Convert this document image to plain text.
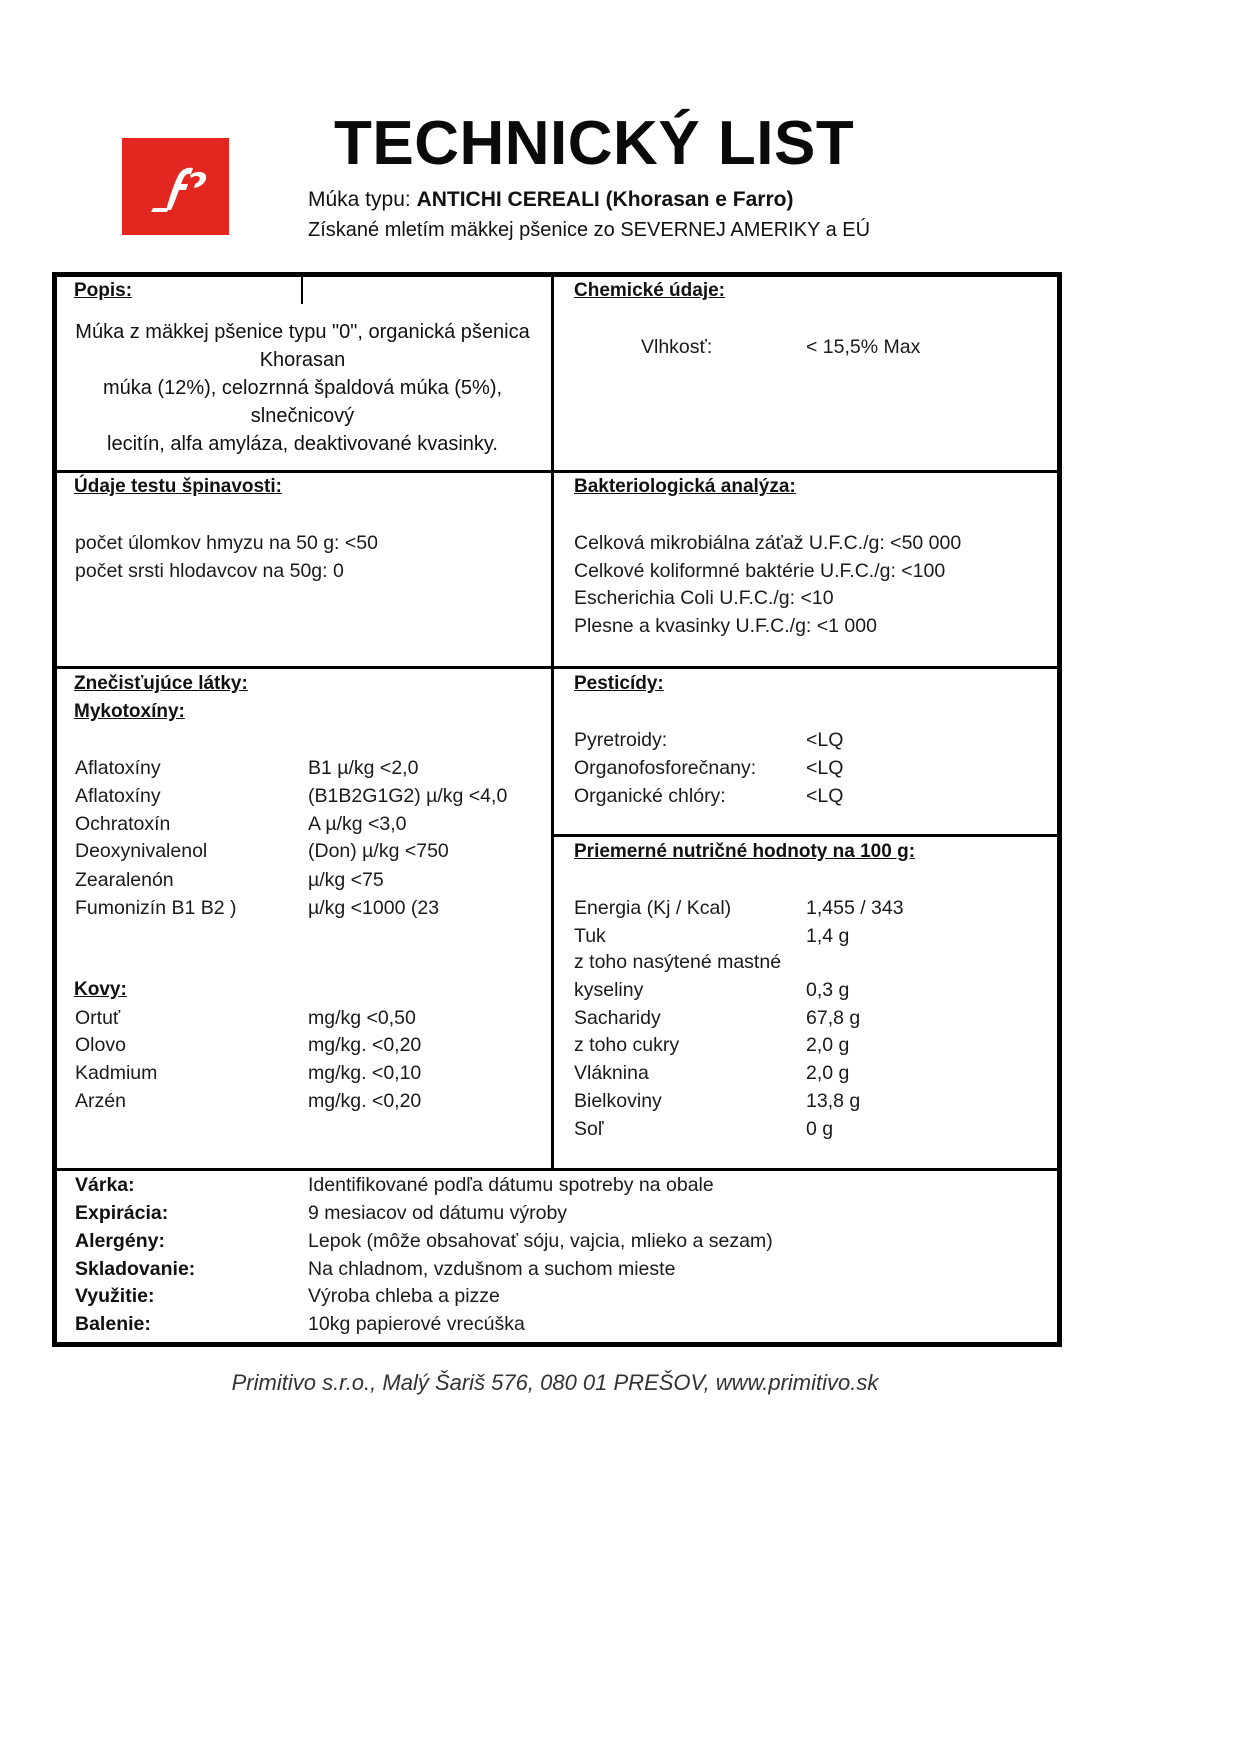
TECHNICKÝ LIST
Múka typu: ANTICHI CEREALI (Khorasan e Farro)
Získané mletím mäkkej pšenice zo SEVERNEJ AMERIKY a EÚ
Popis:
Múka z mäkkej pšenice typu "0", organická pšenica
Khorasan
múka (12%), celozrnná špaldová múka (5%),
slnečnicový
lecitín, alfa amyláza, deaktivované kvasinky.
Chemické údaje:
Vlhkosť:	< 15,5% Max
Údaje testu špinavosti:
počet úlomkov hmyzu na 50 g: <50
počet srsti hlodavcov na 50g: 0
Bakteriologická analýza:
Celková mikrobiálna záťaž U.F.C./g: <50 000
Celkové koliformné baktérie U.F.C./g: <100
Escherichia Coli U.F.C./g: <10
Plesne a kvasinky U.F.C./g: <1 000
Znečisťujúce látky:
Mykotoxíny:
Aflatoxíny	B1 µ/kg <2,0
Aflatoxíny	(B1B2G1G2) µ/kg <4,0
Ochratoxín	A µ/kg <3,0
Deoxynivalenol	(Don) µ/kg <750
Zearalenón	µ/kg <75
Fumonizín B1 B2 )	µ/kg <1000 (23
Kovy:
Ortuť	mg/kg <0,50
Olovo	mg/kg. <0,20
Kadmium	mg/kg. <0,10
Arzén	mg/kg. <0,20
Pesticídy:
Pyretroidy:	<LQ
Organofosforečnany:	<LQ
Organické chlóry:	<LQ
Priemerné nutričné hodnoty na 100 g:
Energia (Kj / Kcal)	1,455 / 343
Tuk	1,4 g
z toho nasýtené mastné
kyseliny	0,3 g
Sacharidy	67,8 g
z toho cukry	2,0 g
Vláknina	2,0 g
Bielkoviny	13,8 g
Soľ	0 g
Várka:	Identifikované podľa dátumu spotreby na obale
Expirácia:	9 mesiacov od dátumu výroby
Alergény:	Lepok (môže obsahovať sóju, vajcia, mlieko a sezam)
Skladovanie:	Na chladnom, vzdušnom a suchom mieste
Využitie:	Výroba chleba a pizze
Balenie:	10kg papierové vrecúška
Primitivo s.r.o., Malý Šariš 576, 080 01 PREŠOV, www.primitivo.sk
